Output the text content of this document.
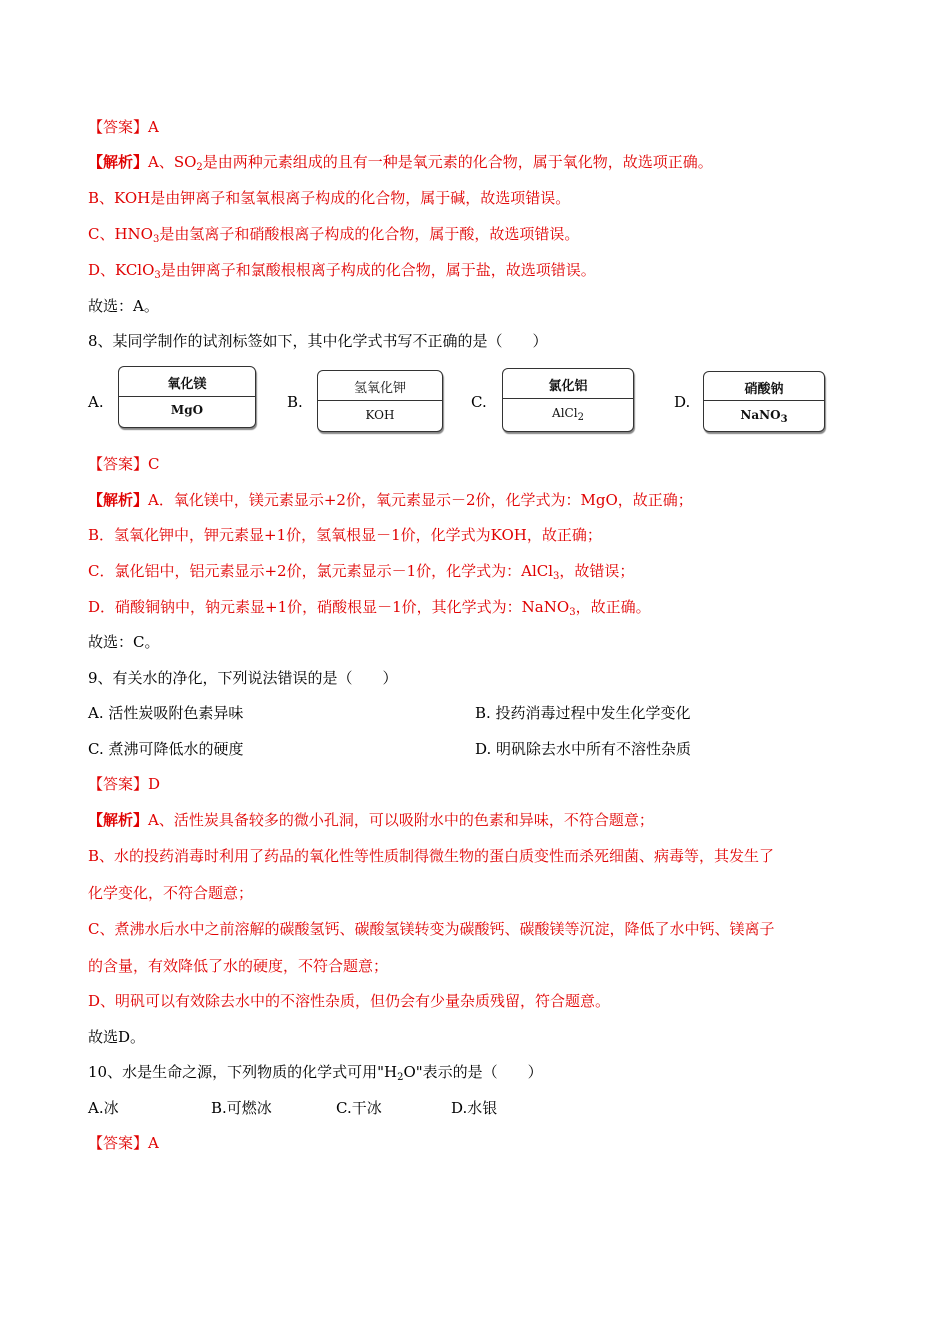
【答案】A
【解析】A、$SO_2$是由两种元素组成的且有一种是氧元素的化合物，属于氧化物，故选项正确。
B、KOH是由钾离子和氢氧根离子构成的化合物，属于碱，故选项错误。
C、$HNO_3$是由氢离子和硝酸根离子构成的化合物，属于酸，故选项错误。
D、KClO$_3$是由钾离子和氯酸根根离子构成的化合物，属于盐，故选项错误。
故选：A。
8、某同学制作的试剂标签如下，其中化学式书写不正确的是（　　）
A.
氧化镁
MgO	B.
氢氧化钾
KOH
C.
氯化铝
AlCl$_2$
D.
硝酸钠
NaNO$_3$
【答案】C
【解析】A．氧化镁中，镁元素显示+2价，氧元素显示－2价，化学式为：MgO，故正确；
B．氢氧化钾中，钾元素显+1价，氢氧根显－1价，化学式为KOH，故正确；
C．氯化铝中，铝元素显示+2价，氯元素显示－1价，化学式为：AlCl$_3$，故错误；
D．硝酸铜钠中，钠元素显+1价，硝酸根显－1价，其化学式为：NaNO$_3$，故正确。
故选：C。
9、有关水的净化，下列说法错误的是（　　）
A. 活性炭吸附色素异味	B. 投药消毒过程中发生化学变化
C. 煮沸可降低水的硬度	D. 明矾除去水中所有不溶性杂质
【答案】D
【解析】A、活性炭具备较多的微小孔洞，可以吸附水中的色素和异味，不符合题意；
B、水的投药消毒时利用了药品的氧化性等性质制得微生物的蛋白质变性而杀死细菌、病毒等，其发生了
化学变化，不符合题意；
C、煮沸水后水中之前溶解的碳酸氢钙、碳酸氢镁转变为碳酸钙、碳酸镁等沉淀，降低了水中钙、镁离子
的含量，有效降低了水的硬度，不符合题意；
D、明矾可以有效除去水中的不溶性杂质，但仍会有少量杂质残留，符合题意。
故选D。
10、水是生命之源，下列物质的化学式可用"$H_2O$"表示的是（　　）
A.冰	B.可燃冰	C.干冰	D.水银
【答案】A
